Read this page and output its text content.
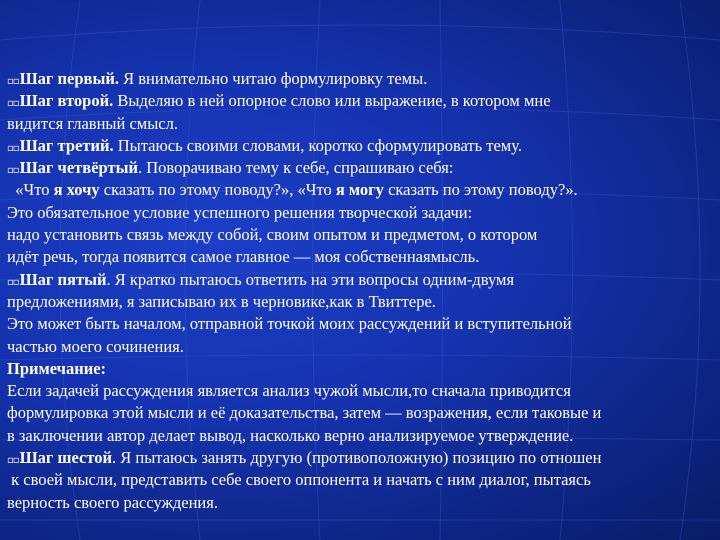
▫▫Шаг первый. Я внимательно читаю формулировку темы.
▫▫Шаг второй. Выделяю в ней опорное слово или выражение, в котором мне
видится главный смысл.
▫▫Шаг третий. Пытаюсь своими словами, коротко сформулировать тему.
▫▫Шаг четвёртый. Поворачиваю тему к себе, спрашиваю себя:
«Что я хочу сказать по этому поводу?», «Что я могу сказать по этому поводу?».
Это обязательное условие успешного решения творческой задачи:
надо установить связь между собой, своим опытом и предметом, о котором
идёт речь, тогда появится самое главное — моя собственнаямысль.
▫▫Шаг пятый. Я кратко пытаюсь ответить на эти вопросы одним-двумя
предложениями, я записываю их в черновике,как в Твиттере.
Это может быть началом, отправной точкой моих рассуждений и вступительной
частью моего сочинения.
Примечание:
Если задачей рассуждения является анализ чужой мысли,то сначала приводится
формулировка этой мысли и её доказательства, затем — возражения, если таковые и
в заключении автор делает вывод, насколько верно анализируемое утверждение.
▫▫Шаг шестой. Я пытаюсь занять другую (противоположную) позицию по отношен
к своей мысли, представить себе своего оппонента и начать с ним диалог, пытаясь
верность своего рассуждения.
